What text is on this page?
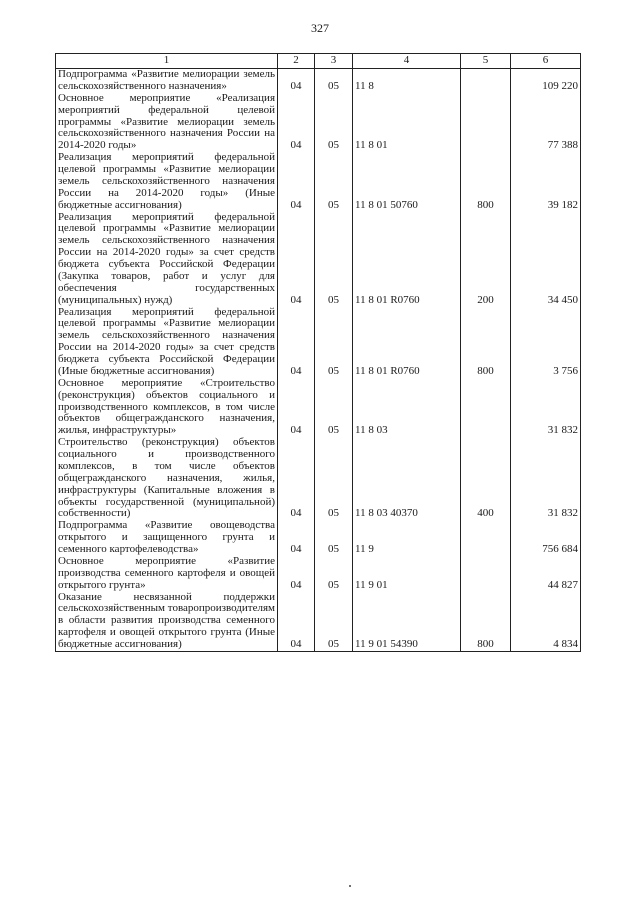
327
1	2	3	4	5	6
Подпрограмма «Развитие мелиорации земель сельскохозяйственного назначения»	04	05	11 8		109 220
Основное мероприятие «Реализация мероприятий федеральной целевой программы «Развитие мелиорации земель сельскохозяйственного назначения России на 2014-2020 годы»	04	05	11 8 01		77 388
Реализация мероприятий федеральной целевой программы «Развитие мелиорации земель сельскохозяйственного назначения России на 2014-2020 годы» (Иные бюджетные ассигнования)	04	05	11 8 01 50760	800	39 182
Реализация мероприятий федеральной целевой программы «Развитие мелиорации земель сельскохозяйственного назначения России на 2014-2020 годы» за счет средств бюджета субъекта Российской Федерации (Закупка товаров, работ и услуг для обеспечения государственных (муниципальных) нужд)	04	05	11 8 01 R0760	200	34 450
Реализация мероприятий федеральной целевой программы «Развитие мелиорации земель сельскохозяйственного назначения России на 2014-2020 годы» за счет средств бюджета субъекта Российской Федерации (Иные бюджетные ассигнования)	04	05	11 8 01 R0760	800	3 756
Основное мероприятие «Строительство (реконструкция) объектов социального и производственного комплексов, в том числе объектов общегражданского назначения, жилья, инфраструктуры»	04	05	11 8 03		31 832
Строительство (реконструкция) объектов социального и производственного комплексов, в том числе объектов общегражданского назначения, жилья, инфраструктуры (Капитальные вложения в объекты государственной (муниципальной) собственности)	04	05	11 8 03 40370	400	31 832
Подпрограмма «Развитие овощеводства открытого и защищенного грунта и семенного картофелеводства»	04	05	11 9		756 684
Основное мероприятие «Развитие производства семенного картофеля и овощей открытого грунта»	04	05	11 9 01		44 827
Оказание несвязанной поддержки сельскохозяйственным товаропроизводителям в области развития производства семенного картофеля и овощей открытого грунта (Иные бюджетные ассигнования)	04	05	11 9 01 54390	800	4 834
